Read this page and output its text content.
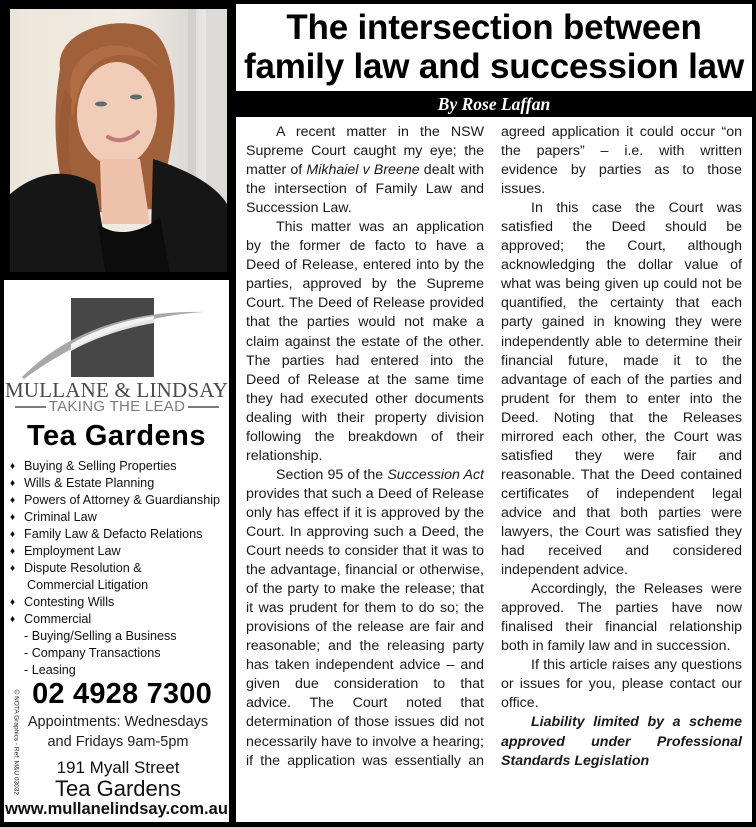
MULLANE & LINDSAY
TAKING THE LEAD
Tea Gardens
♦ Buying & Selling Properties
♦ Wills & Estate Planning
♦ Powers of Attorney & Guardianship
♦ Criminal Law
♦ Family Law & Defacto Relations
♦ Employment Law
♦ Dispute Resolution &
Commercial Litigation
♦ Contesting Wills
♦ Commercial
- Buying/Selling a Business
- Company Transactions
- Leasing
© NOTA Graphics - Ref: M&U 03032 02 4928 7300
Appointments: Wednesdays
and Fridays 9am-5pm
191 Myall Street
Tea Gardens
www.mullanelindsay.com.au
The intersection between
family law and succession law
By Rose Laffan

A recent matter in the NSW Supreme Court caught my eye; the matter of Mikhaiel v Breene dealt with the intersection of Family Law and Succession Law.

This matter was an application by the former de facto to have a Deed of Release, entered into by the parties, approved by the Supreme Court. The Deed of Release provided that the parties would not make a claim against the estate of the other. The parties had entered into the Deed of Release at the same time they had executed other documents dealing with their property division following the breakdown of their relationship.

Section 95 of the Succession Act provides that such a Deed of Release only has effect if it is approved by the Court. In approving such a Deed, the Court needs to consider that it was to the advantage, financial or otherwise, of the party to make the release; that it was prudent for them to do so; the provisions of the release are fair and reasonable; and the releasing party has taken independent advice – and given due consideration to that advice. The Court noted that determination of those issues did not necessarily have to involve a hearing; if the application was essentially an

agreed application it could occur “on the papers” – i.e. with written evidence by parties as to those issues.

In this case the Court was satisfied the Deed should be approved; the Court, although acknowledging the dollar value of what was being given up could not be quantified, the certainty that each party gained in knowing they were independently able to determine their financial future, made it to the advantage of each of the parties and prudent for them to enter into the Deed. Noting that the Releases mirrored each other, the Court was satisfied they were fair and reasonable. That the Deed contained certificates of independent legal advice and that both parties were lawyers, the Court was satisfied they had received and considered independent advice.

Accordingly, the Releases were approved. The parties have now finalised their financial relationship both in family law and in succession.

If this article raises any questions or issues for you, please contact our office.

Liability limited by a scheme approved under Professional Standards Legislation
